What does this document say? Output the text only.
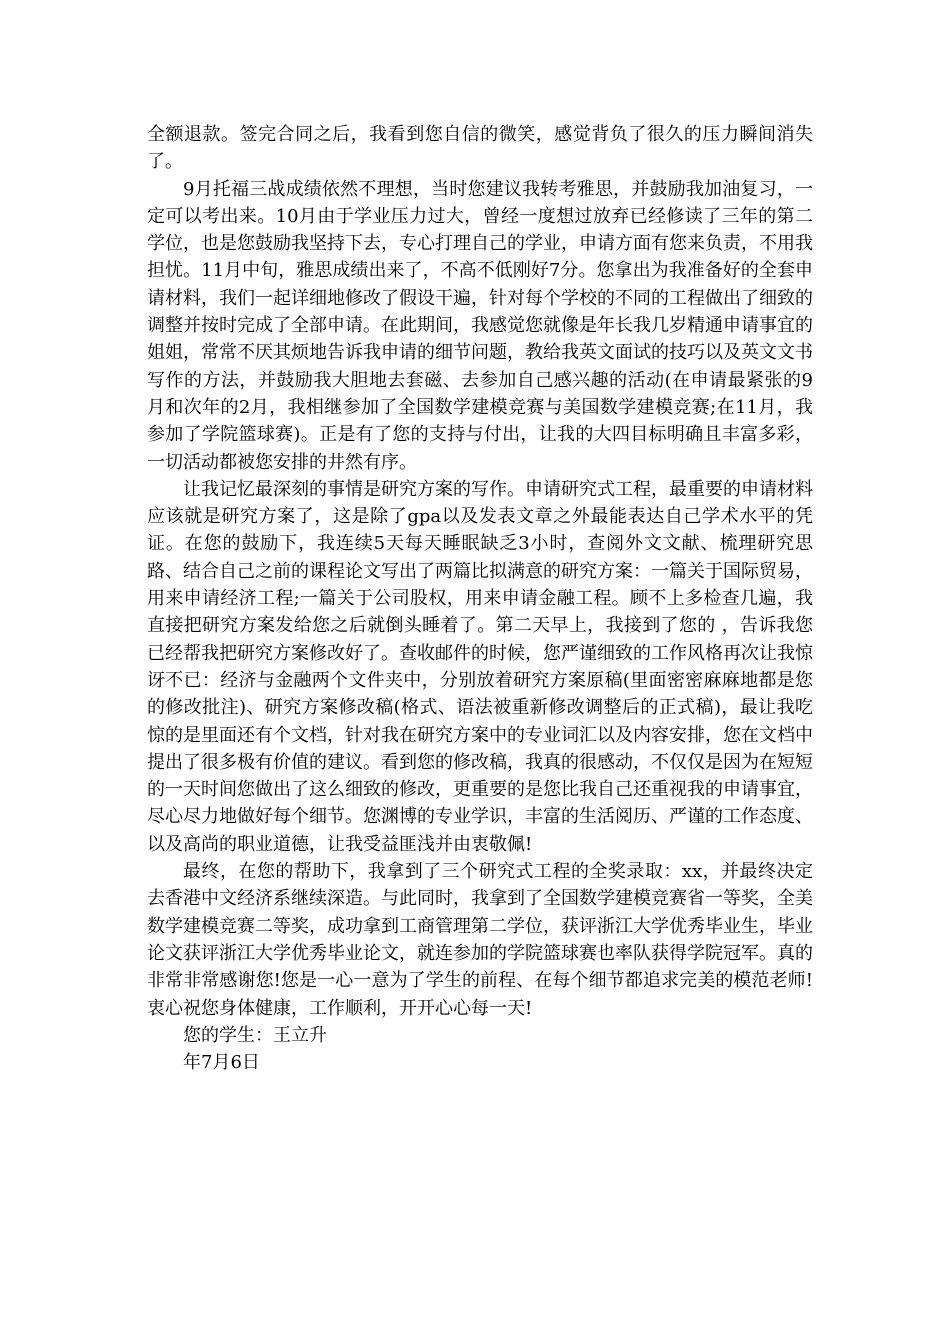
全额退款。签完合同之后，我看到您自信的微笑，感觉背负了很久的压力瞬间消失了。

9月托福三战成绩依然不理想，当时您建议我转考雅思，并鼓励我加油复习，一定可以考出来。10月由于学业压力过大，曾经一度想过放弃已经修读了三年的第二学位，也是您鼓励我坚持下去，专心打理自己的学业，申请方面有您来负责，不用我担忧。11月中旬，雅思成绩出来了，不高不低刚好7分。您拿出为我准备好的全套申请材料，我们一起详细地修改了假设干遍，针对每个学校的不同的工程做出了细致的调整并按时完成了全部申请。在此期间，我感觉您就像是年长我几岁精通申请事宜的姐姐，常常不厌其烦地告诉我申请的细节问题，教给我英文面试的技巧以及英文文书写作的方法，并鼓励我大胆地去套磁、去参加自己感兴趣的活动(在申请最紧张的9月和次年的2月，我相继参加了全国数学建模竞赛与美国数学建模竞赛;在11月，我参加了学院篮球赛)。正是有了您的支持与付出，让我的大四目标明确且丰富多彩，一切活动都被您安排的井然有序。

让我记忆最深刻的事情是研究方案的写作。申请研究式工程，最重要的申请材料应该就是研究方案了，这是除了gpa以及发表文章之外最能表达自己学术水平的凭证。在您的鼓励下，我连续5天每天睡眠缺乏3小时，查阅外文文献、梳理研究思路、结合自己之前的课程论文写出了两篇比拟满意的研究方案：一篇关于国际贸易，用来申请经济工程;一篇关于公司股权，用来申请金融工程。顾不上多检查几遍，我直接把研究方案发给您之后就倒头睡着了。第二天早上，我接到了您的 ，告诉我您已经帮我把研究方案修改好了。查收邮件的时候，您严谨细致的工作风格再次让我惊讶不已：经济与金融两个文件夹中，分别放着研究方案原稿(里面密密麻麻地都是您的修改批注)、研究方案修改稿(格式、语法被重新修改调整后的正式稿)，最让我吃惊的是里面还有个文档，针对我在研究方案中的专业词汇以及内容安排，您在文档中提出了很多极有价值的建议。看到您的修改稿，我真的很感动，不仅仅是因为在短短的一天时间您做出了这么细致的修改，更重要的是您比我自己还重视我的申请事宜，尽心尽力地做好每个细节。您渊博的专业学识，丰富的生活阅历、严谨的工作态度、以及高尚的职业道德，让我受益匪浅并由衷敬佩!

最终，在您的帮助下，我拿到了三个研究式工程的全奖录取：xx，并最终决定去香港中文经济系继续深造。与此同时，我拿到了全国数学建模竞赛省一等奖，全美数学建模竞赛二等奖，成功拿到工商管理第二学位，获评浙江大学优秀毕业生，毕业论文获评浙江大学优秀毕业论文，就连参加的学院篮球赛也率队获得学院冠军。真的非常非常感谢您!您是一心一意为了学生的前程、在每个细节都追求完美的模范老师!衷心祝您身体健康，工作顺利，开开心心每一天!

您的学生：王立升

年7月6日
